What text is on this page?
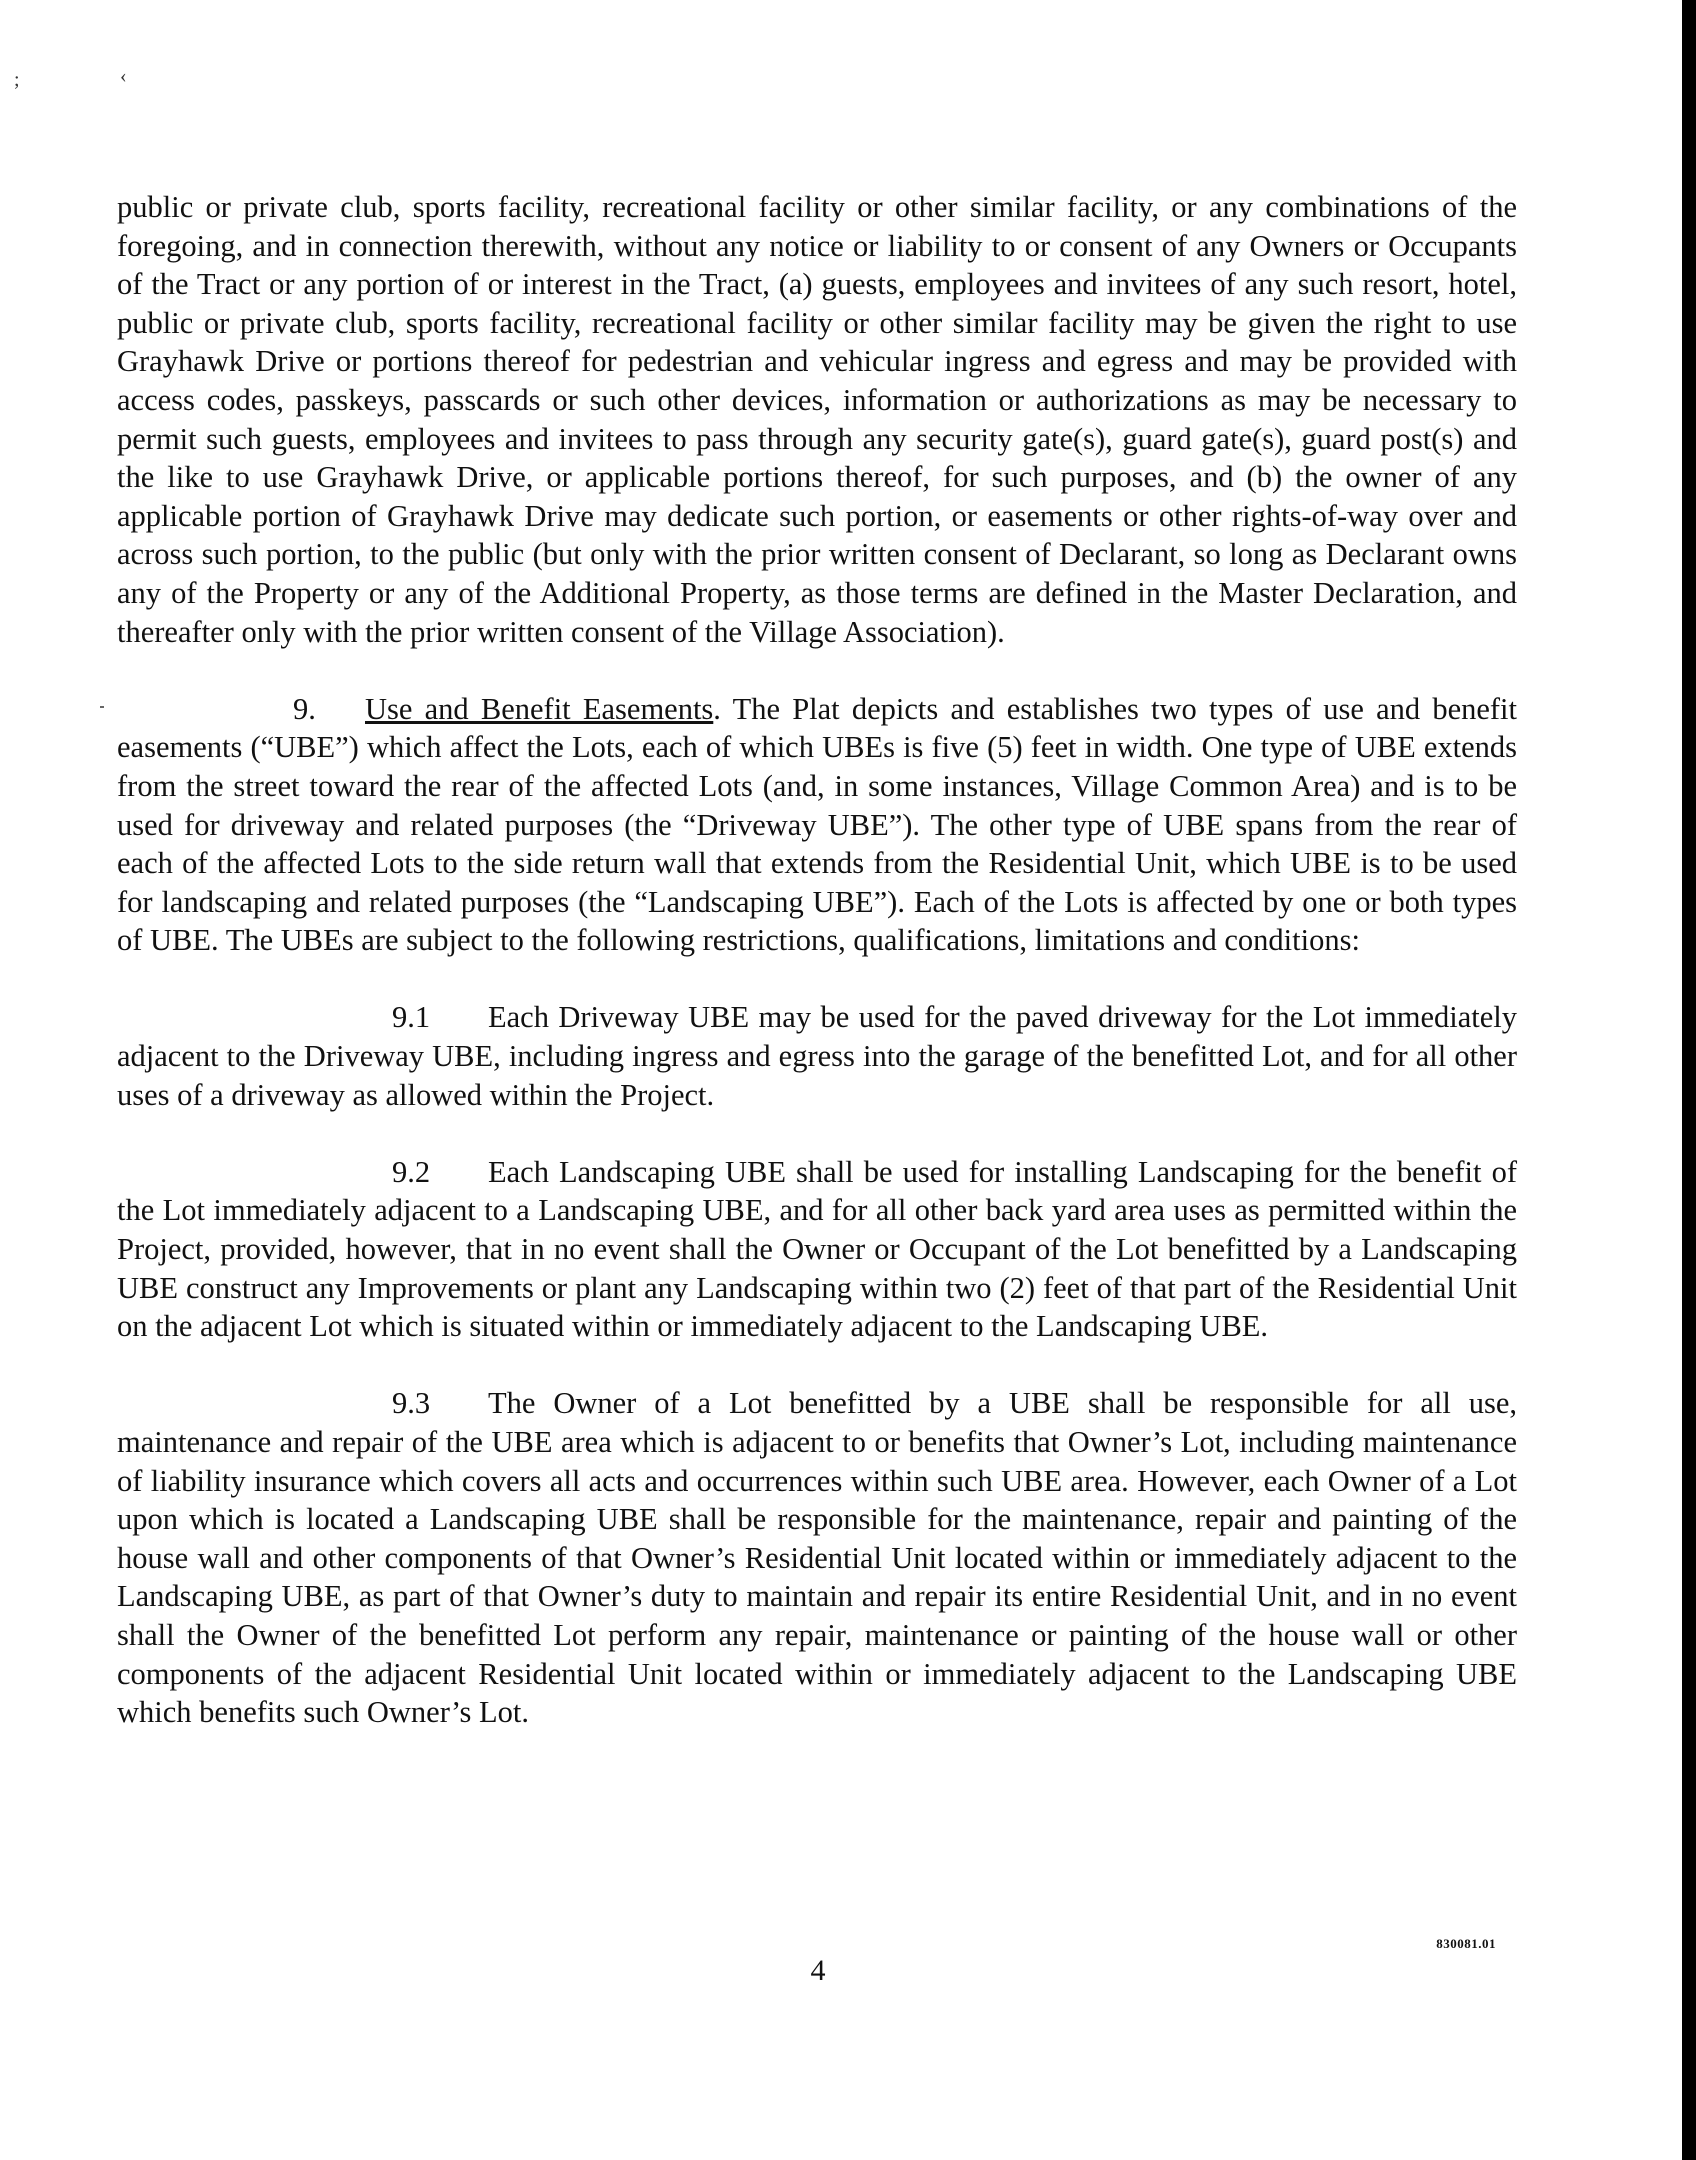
;	‹

public or private club, sports facility, recreational facility or other similar facility, or any combinations of the foregoing, and in connection therewith, without any notice or liability to or consent of any Owners or Occupants of the Tract or any portion of or interest in the Tract, (a) guests, employees and invitees of any such resort, hotel, public or private club, sports facility, recreational facility or other similar facility may be given the right to use Grayhawk Drive or portions thereof for pedestrian and vehicular ingress and egress and may be provided with access codes, passkeys, passcards or such other devices, information or authorizations as may be necessary to permit such guests, employees and invitees to pass through any security gate(s), guard gate(s), guard post(s) and the like to use Grayhawk Drive, or applicable portions thereof, for such purposes, and (b) the owner of any applicable portion of Grayhawk Drive may dedicate such portion, or easements or other rights-of-way over and across such portion, to the public (but only with the prior written consent of Declarant, so long as Declarant owns any of the Property or any of the Additional Property, as those terms are defined in the Master Declaration, and thereafter only with the prior written consent of the Village Association).

9. Use and Benefit Easements. The Plat depicts and establishes two types of use and benefit easements (“UBE”) which affect the Lots, each of which UBEs is five (5) feet in width. One type of UBE extends from the street toward the rear of the affected Lots (and, in some instances, Village Common Area) and is to be used for driveway and related purposes (the “Driveway UBE”). The other type of UBE spans from the rear of each of the affected Lots to the side return wall that extends from the Residential Unit, which UBE is to be used for landscaping and related purposes (the “Landscaping UBE”). Each of the Lots is affected by one or both types of UBE. The UBEs are subject to the following restrictions, qualifications, limitations and conditions:

9.1 Each Driveway UBE may be used for the paved driveway for the Lot immediately adjacent to the Driveway UBE, including ingress and egress into the garage of the benefitted Lot, and for all other uses of a driveway as allowed within the Project.

9.2 Each Landscaping UBE shall be used for installing Landscaping for the benefit of the Lot immediately adjacent to a Landscaping UBE, and for all other back yard area uses as permitted within the Project, provided, however, that in no event shall the Owner or Occupant of the Lot benefitted by a Landscaping UBE construct any Improvements or plant any Landscaping within two (2) feet of that part of the Residential Unit on the adjacent Lot which is situated within or immediately adjacent to the Landscaping UBE.

9.3 The Owner of a Lot benefitted by a UBE shall be responsible for all use, maintenance and repair of the UBE area which is adjacent to or benefits that Owner’s Lot, including maintenance of liability insurance which covers all acts and occurrences within such UBE area. However, each Owner of a Lot upon which is located a Landscaping UBE shall be responsible for the maintenance, repair and painting of the house wall and other components of that Owner’s Residential Unit located within or immediately adjacent to the Landscaping UBE, as part of that Owner’s duty to maintain and repair its entire Residential Unit, and in no event shall the Owner of the benefitted Lot perform any repair, maintenance or painting of the house wall or other components of the adjacent Residential Unit located within or immediately adjacent to the Landscaping UBE which benefits such Owner’s Lot.

830081.01
4
